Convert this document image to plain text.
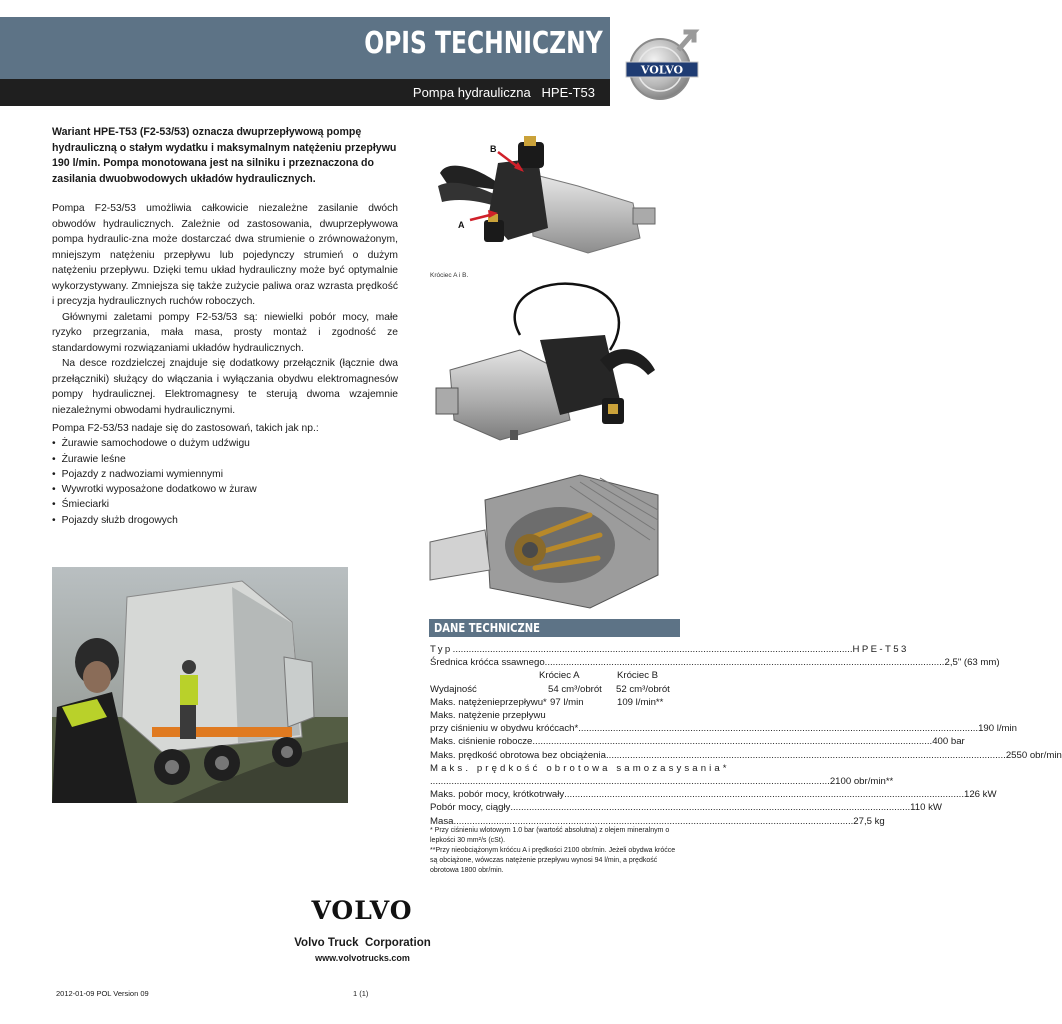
OPIS TECHNICZNY
Pompa hydrauliczna   HPE-T53
VOLVO
Wariant HPE-T53 (F2-53/53) oznacza dwuprzepływową pompę hydrauliczną o stałym wydatku i maksymalnym natężeniu przepływu 190 l/min. Pompa monotowana jest na silniku i przeznaczona do zasilania dwuobwodowych układów hydraulicznych.

Pompa F2-53/53 umożliwia całkowicie niezależne zasilanie dwóch obwodów hydraulicznych. Zależnie od zastosowania, dwuprzepływowa pompa hydraulic-zna może dostarczać dwa strumienie o zrównoważonym, mniejszym natężeniu przepływu lub pojedynczy strumień o dużym natężeniu przepływu. Dzięki temu układ hydrauliczny może być optymalnie wykorzystywany. Zmniejsza się także zużycie paliwa oraz wzrasta prędkość i precyzja hydraulicznych ruchów roboczych.

Głównymi zaletami pompy F2-53/53 są: niewielki pobór mocy, małe ryzyko przegrzania, mała masa, prosty montaż i zgodność ze standardowymi rozwiązaniami układów hydraulicznych.

Na desce rozdzielczej znajduje się dodatkowy przełącznik (łącznie dwa przełączniki) służący do włączania i wyłączania obydwu elektromagnesów pompy hydraulicznej. Elektromagnesy te sterują dwoma wzajemnie niezależnymi obwodami hydraulicznymi.

Pompa F2-53/53 nadaje się do zastosowań, takich jak np.:
• Żurawie samochodowe o dużym udźwigu
• Żurawie leśne
• Pojazdy z nadwoziami wymiennymi
• Wywrotki wyposażone dodatkowo w żuraw
• Śmieciarki
• Pojazdy służb drogowych
B
A
Króciec A i B.
DANE TECHNICZNE
Typ .....	HPE-T53
Średnica króćca ssawnego .....	2,5" (63 mm)
Króciec A	Króciec B
Wydajność	54 cm³/obrót 52 cm³/obrót
Maks. natężenieprzepływu* 97 l/min	109 l/min**
Maks. natężenie przepływu
przy ciśnieniu w obydwu króćcach* .....	190 l/min
Maks. ciśnienie robocze .....	400 bar
Maks. prędkość obrotowa bez obciążenia .....	2550 obr/min
Maks. prędkość obrotowa samozasysania*
.....
2100 obr/min**
Maks. pobór mocy, krótkotrwały .....	126 kW
Pobór mocy, ciągły .....	110 kW
Masa .....	27,5 kg

* Przy ciśnieniu wlotowym 1.0 bar (wartość absolutna) z olejem mineralnym o lepkości 30 mm²/s (cSt).

**Przy nieobciążonym króćcu A i prędkości 2100 obr/min. Jeżeli obydwa króćce są obciążone, wówczas natężenie przepływu wynosi 94 l/min, a prędkość obrotowa 1800 obr/min.

VOLVO
Volvo Truck  Corporation
www.volvotrucks.com
2012-01-09 POL Version 09	1 (1)
